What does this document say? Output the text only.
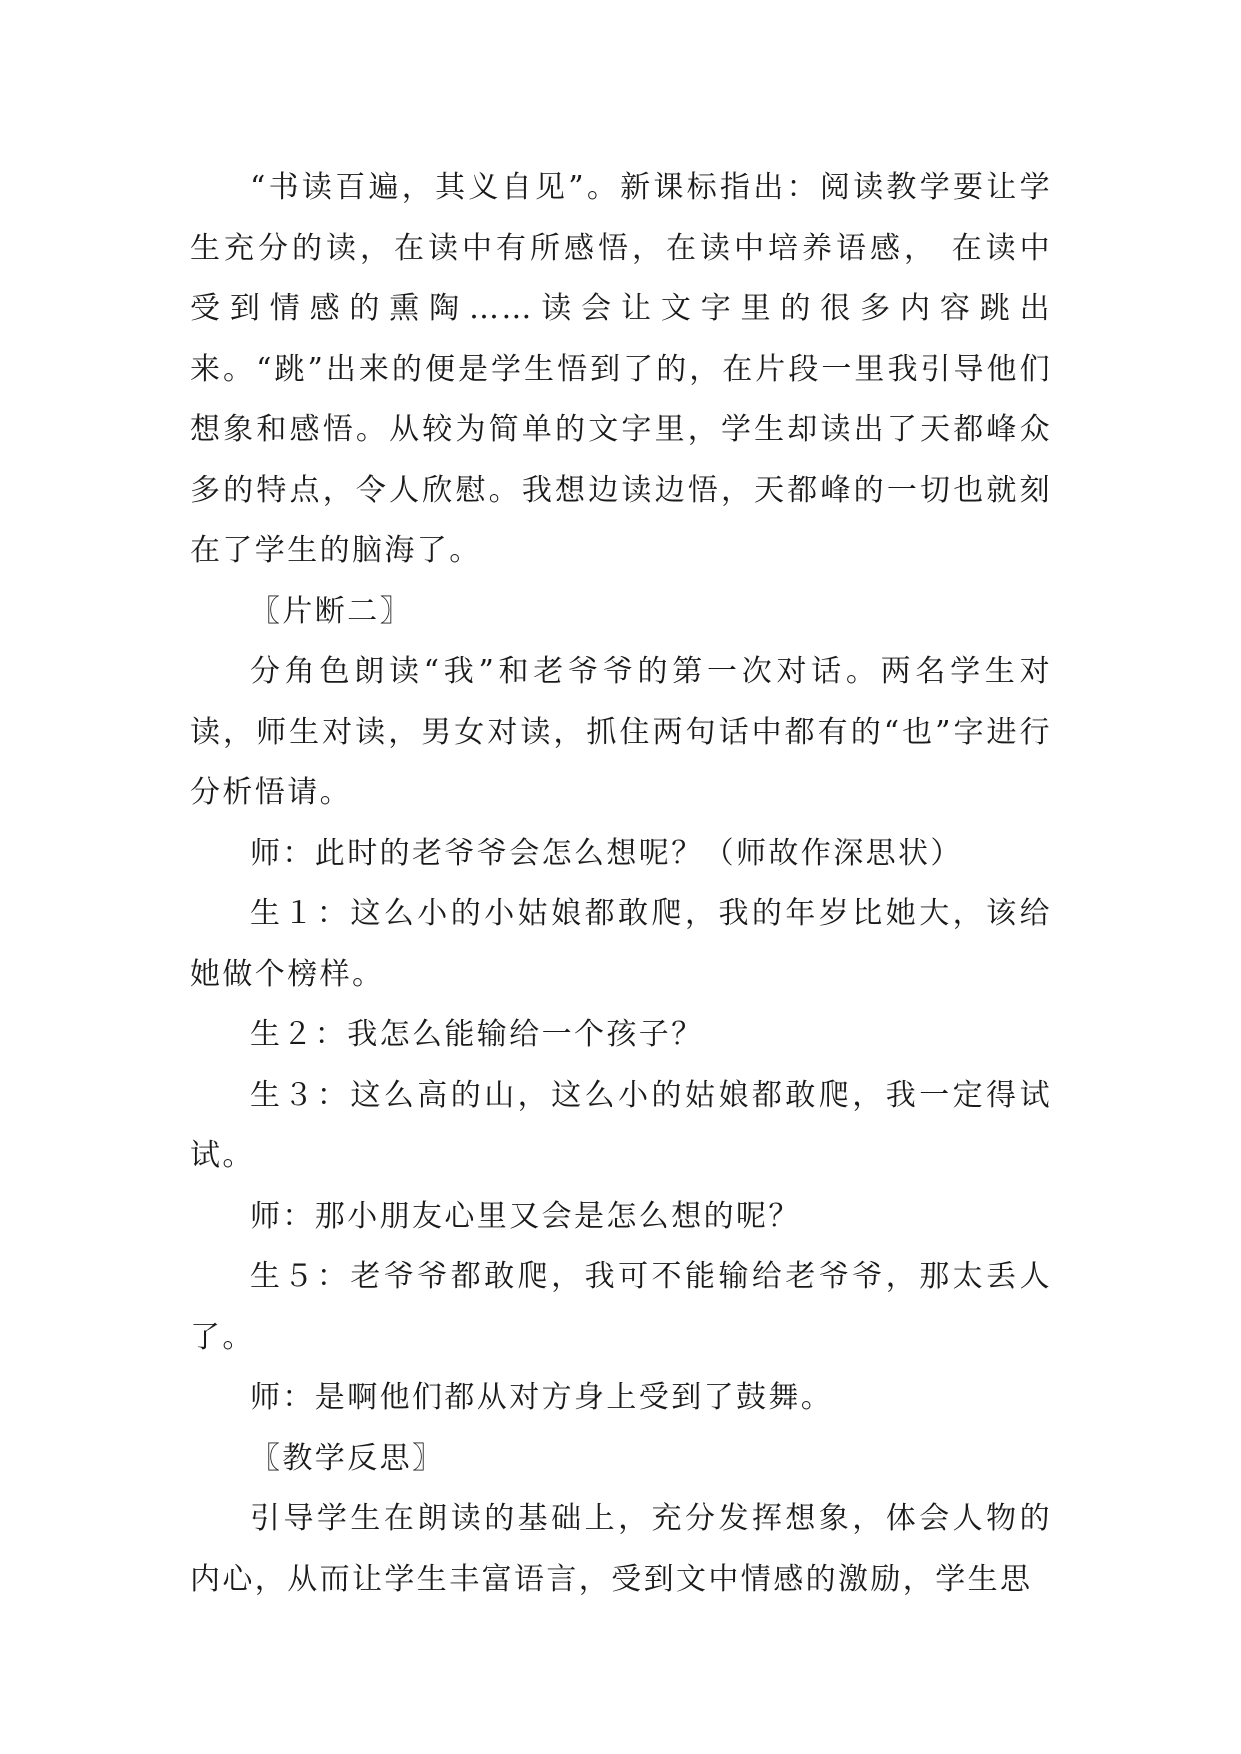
“书读百遍，其义自见”。新课标指出：阅读教学要让学生充分的读，在读中有所感悟，在读中培养语感， 在读中 受到情感的熏陶……读会让文字里的很多内容跳出来。“跳”出来的便是学生悟到了的，在片段一里我引导他们想象和感悟。从较为简单的文字里，学生却读出了天都峰众多的特点，令人欣慰。我想边读边悟，天都峰的一切也就刻在了学生的脑海了。

〖片断二〗

分角色朗读“我”和老爷爷的第一次对话。两名学生对读，师生对读，男女对读，抓住两句话中都有的“也”字进行分析悟请。

师：此时的老爷爷会怎么想呢？（师故作深思状）

生１：这么小的小姑娘都敢爬，我的年岁比她大，该给她做个榜样。

生２：我怎么能输给一个孩子？

生３：这么高的山，这么小的姑娘都敢爬，我一定得试试。

师：那小朋友心里又会是怎么想的呢？

生５：老爷爷都敢爬，我可不能输给老爷爷，那太丢人了。

师：是啊他们都从对方身上受到了鼓舞。

〖教学反思〗

引导学生在朗读的基础上，充分发挥想象，体会人物的内心，从而让学生丰富语言，受到文中情感的激励，学生思
